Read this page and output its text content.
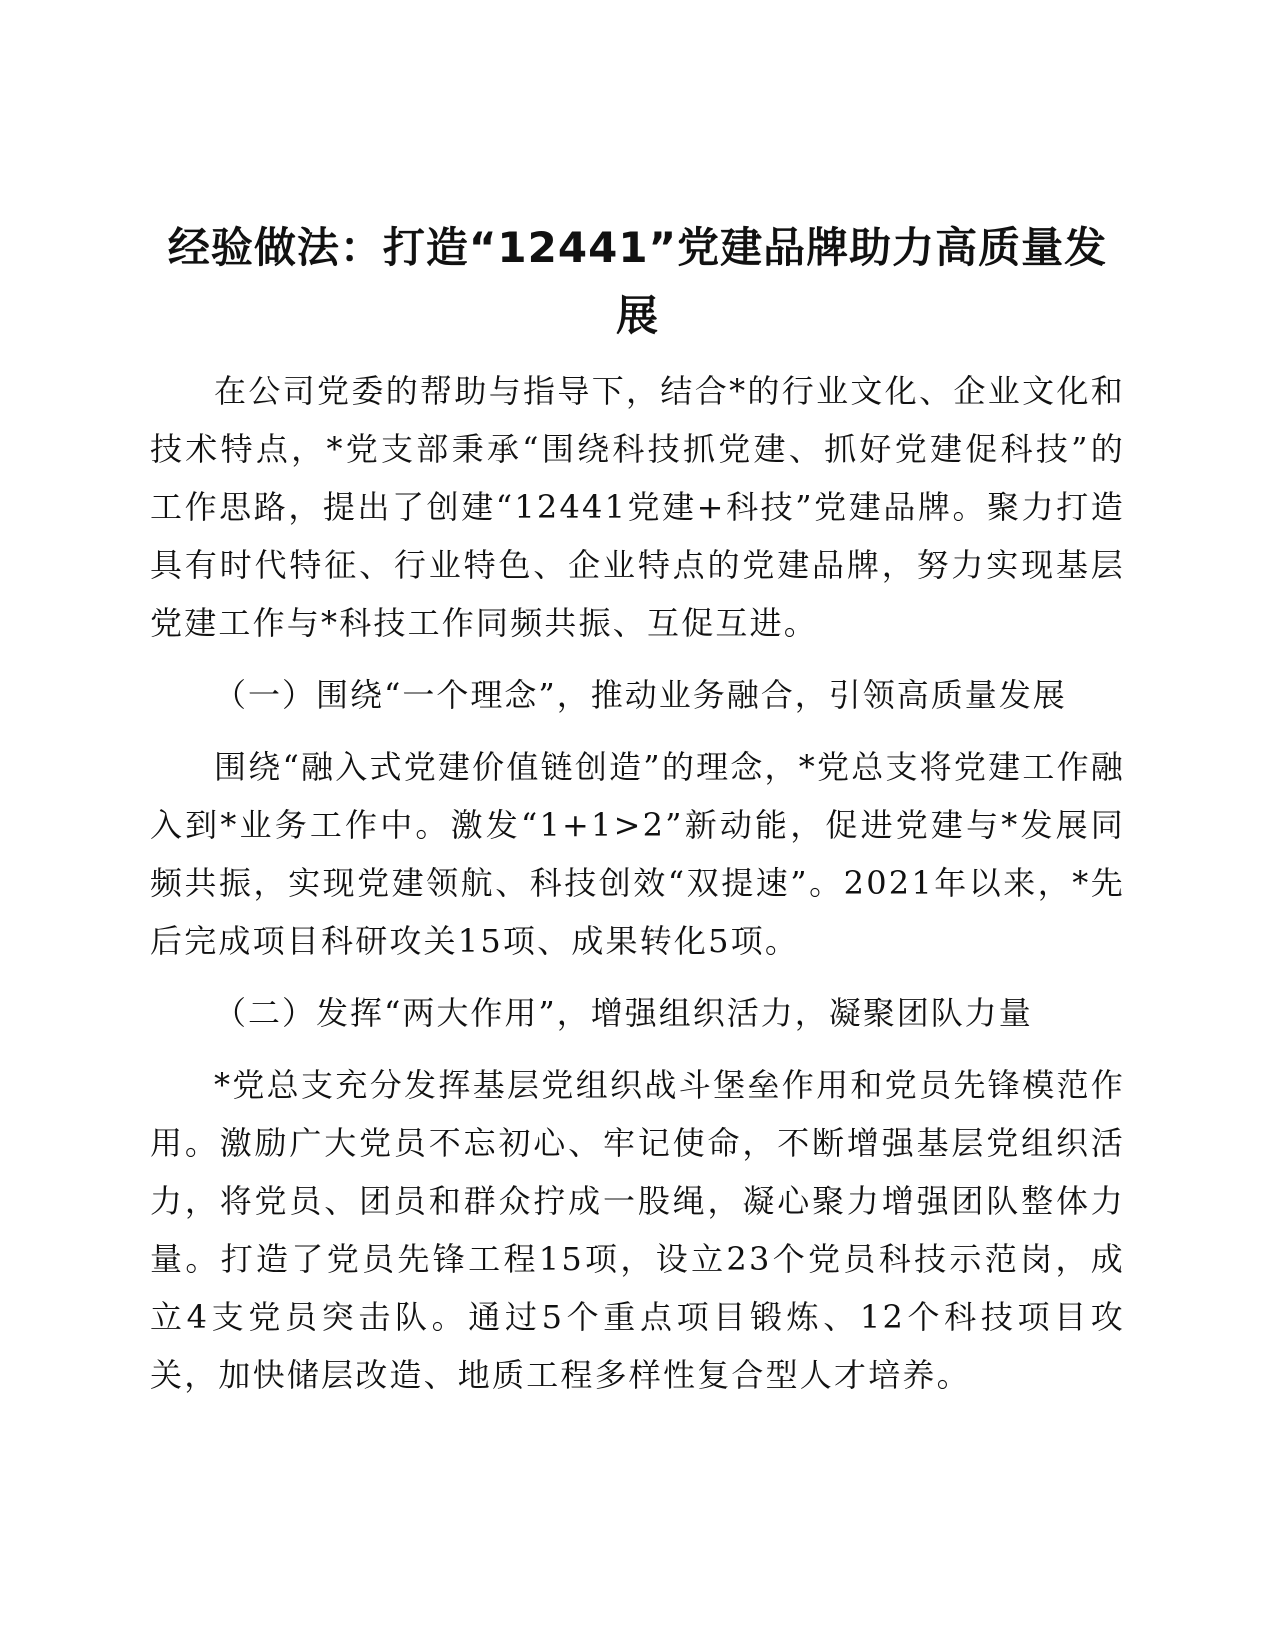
经验做法：打造“12441”党建品牌助力高质量发展

在公司党委的帮助与指导下，结合*的行业文化、企业文化和技术特点，*党支部秉承“围绕科技抓党建、抓好党建促科技”的工作思路，提出了创建“12441党建+科技”党建品牌。聚力打造具有时代特征、行业特色、企业特点的党建品牌，努力实现基层党建工作与*科技工作同频共振、互促互进。

（一）围绕“一个理念”，推动业务融合，引领高质量发展

围绕“融入式党建价值链创造”的理念，*党总支将党建工作融入到*业务工作中。激发“1+1>2”新动能，促进党建与*发展同频共振，实现党建领航、科技创效“双提速”。2021年以来，*先后完成项目科研攻关15项、成果转化5项。

（二）发挥“两大作用”，增强组织活力，凝聚团队力量

*党总支充分发挥基层党组织战斗堡垒作用和党员先锋模范作用。激励广大党员不忘初心、牢记使命，不断增强基层党组织活力，将党员、团员和群众拧成一股绳，凝心聚力增强团队整体力量。打造了党员先锋工程15项，设立23个党员科技示范岗，成立4支党员突击队。通过5个重点项目锻炼、12个科技项目攻关，加快储层改造、地质工程多样性复合型人才培养。
